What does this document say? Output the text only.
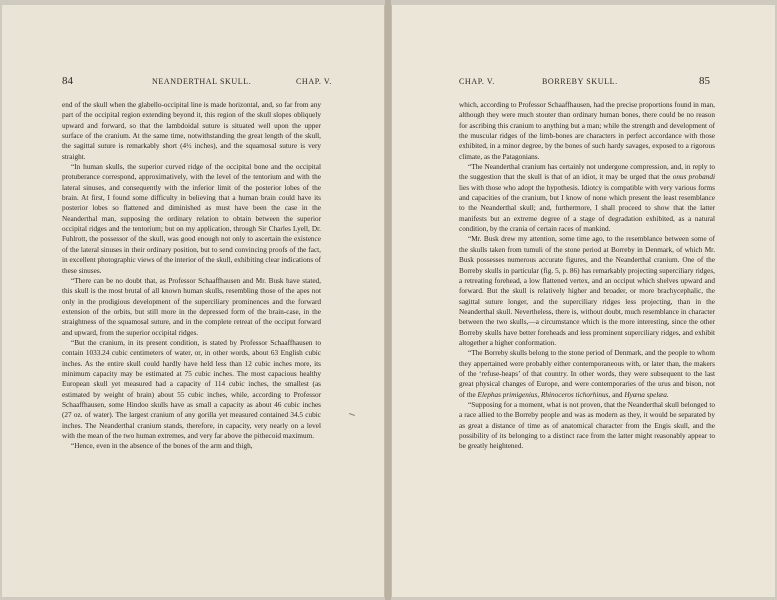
84	NEANDERTHAL SKULL.	CHAP. V.

end of the skull when the glabello-occipital line is made horizontal, and, so far from any part of the occipital region extending beyond it, this region of the skull slopes obliquely upward and forward, so that the lambdoidal suture is situated well upon the upper surface of the cranium. At the same time, notwithstanding the great length of the skull, the sagittal suture is remarkably short (4½ inches), and the squamosal suture is very straight.

“In human skulls, the superior curved ridge of the occipital bone and the occipital protuberance correspond, approximatively, with the level of the tentorium and with the lateral sinuses, and consequently with the inferior limit of the posterior lobes of the brain. At first, I found some difficulty in believing that a human brain could have its posterior lobes so flattened and diminished as must have been the case in the Neanderthal man, supposing the ordinary relation to obtain between the superior occipital ridges and the tentorium; but on my application, through Sir Charles Lyell, Dr. Fuhlrott, the possessor of the skull, was good enough not only to ascertain the existence of the lateral sinuses in their ordinary position, but to send convincing proofs of the fact, in excellent photographic views of the interior of the skull, exhibiting clear indications of these sinuses.

“There can be no doubt that, as Professor Schaaffhausen and Mr. Busk have stated, this skull is the most brutal of all known human skulls, resembling those of the apes not only in the prodigious development of the superciliary prominences and the forward extension of the orbits, but still more in the depressed form of the brain-case, in the straightness of the squamosal suture, and in the complete retreat of the occiput forward and upward, from the superior occipital ridges.

“But the cranium, in its present condition, is stated by Professor Schaaffhausen to contain 1033.24 cubic centimeters of water, or, in other words, about 63 English cubic inches. As the entire skull could hardly have held less than 12 cubic inches more, its minimum capacity may be estimated at 75 cubic inches. The most capacious healthy European skull yet measured had a capacity of 114 cubic inches, the smallest (as estimated by weight of brain) about 55 cubic inches, while, according to Professor Schaaffhausen, some Hindoo skulls have as small a capacity as about 46 cubic inches (27 oz. of water). The largest cranium of any gorilla yet measured contained 34.5 cubic inches. The Neanderthal cranium stands, therefore, in capacity, very nearly on a level with the mean of the two human extremes, and very far above the pithecoid maximum.

“Hence, even in the absence of the bones of the arm and thigh,

CHAP. V.	BORREBY SKULL.	85

which, according to Professor Schaaffhausen, had the precise proportions found in man, although they were much stouter than ordinary human bones, there could be no reason for ascribing this cranium to anything but a man; while the strength and development of the muscular ridges of the limb-bones are characters in perfect accordance with those exhibited, in a minor degree, by the bones of such hardy savages, exposed to a rigorous climate, as the Patagonians.

“The Neanderthal cranium has certainly not undergone compression, and, in reply to the suggestion that the skull is that of an idiot, it may be urged that the onus probandi lies with those who adopt the hypothesis. Idiotcy is compatible with very various forms and capacities of the cranium, but I know of none which present the least resemblance to the Neanderthal skull; and, furthermore, I shall proceed to show that the latter manifests but an extreme degree of a stage of degradation exhibited, as a natural condition, by the crania of certain races of mankind.

“Mr. Busk drew my attention, some time ago, to the resemblance between some of the skulls taken from tumuli of the stone period at Borreby in Denmark, of which Mr. Busk possesses numerous accurate figures, and the Neanderthal cranium. One of the Borreby skulls in particular (fig. 5, p. 86) has remarkably projecting superciliary ridges, a retreating forehead, a low flattened vertex, and an occiput which shelves upward and forward. But the skull is relatively higher and broader, or more brachycephalic, the sagittal suture longer, and the superciliary ridges less projecting, than in the Neanderthal skull. Nevertheless, there is, without doubt, much resemblance in character between the two skulls,—a circumstance which is the more interesting, since the other Borreby skulls have better foreheads and less prominent superciliary ridges, and exhibit altogether a higher conformation.

“The Borreby skulls belong to the stone period of Denmark, and the people to whom they appertained were probably either contemporaneous with, or later than, the makers of the ‘refuse-heaps’ of that country. In other words, they were subsequent to the last great physical changes of Europe, and were contemporaries of the urus and bison, not of the Elephas primigenius, Rhinoceros tichorhinus, and Hyæna spelæa.

“Supposing for a moment, what is not proven, that the Neanderthal skull belonged to a race allied to the Borreby people and was as modern as they, it would be separated by as great a distance of time as of anatomical character from the Engis skull, and the possibility of its belonging to a distinct race from the latter might reasonably appear to be greatly heightened.
